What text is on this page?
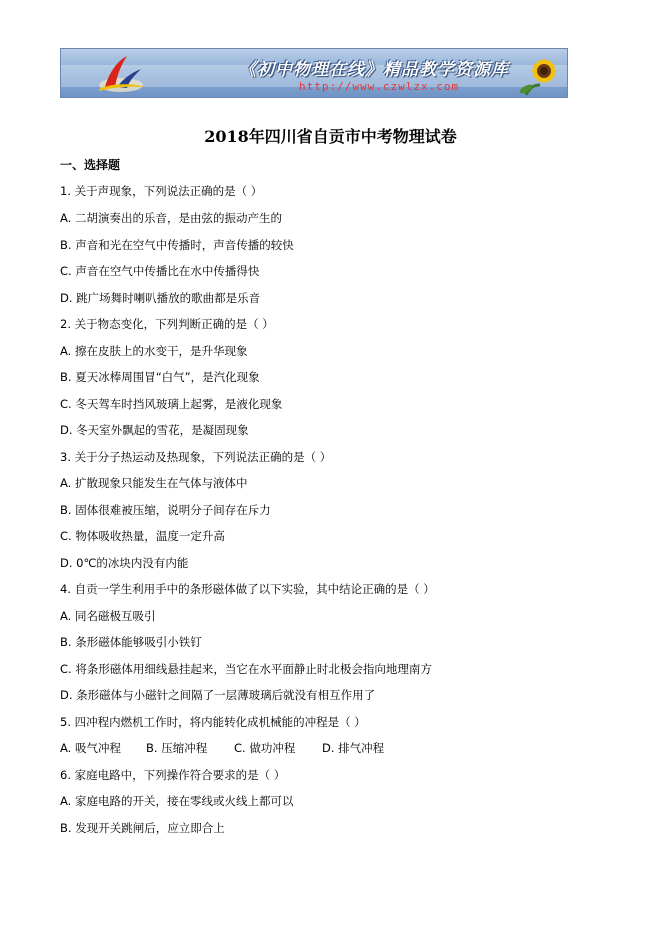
《初中物理在线》精品教学资源库
http://www.czwlzx.com
2018年四川省自贡市中考物理试卷
一、选择题
1. 关于声现象，下列说法正确的是（ ）
A. 二胡演奏出的乐音，是由弦的振动产生的
B. 声音和光在空气中传播时，声音传播的较快
C. 声音在空气中传播比在水中传播得快
D. 跳广场舞时喇叭播放的歌曲都是乐音
2. 关于物态变化，下列判断正确的是（ ）
A. 擦在皮肤上的水变干，是升华现象
B. 夏天冰棒周围冒“白气”，是汽化现象
C. 冬天驾车时挡风玻璃上起雾，是液化现象
D. 冬天室外飘起的雪花，是凝固现象
3. 关于分子热运动及热现象，下列说法正确的是（ ）
A. 扩散现象只能发生在气体与液体中
B. 固体很难被压缩，说明分子间存在斥力
C. 物体吸收热量，温度一定升高
D. 0℃的冰块内没有内能
4. 自贡一学生利用手中的条形磁体做了以下实验，其中结论正确的是（ ）
A. 同名磁极互吸引
B. 条形磁体能够吸引小铁钉
C. 将条形磁体用细线悬挂起来，当它在水平面静止时北极会指向地理南方
D. 条形磁体与小磁针之间隔了一层薄玻璃后就没有相互作用了
5. 四冲程内燃机工作时，将内能转化成机械能的冲程是（ ）
A. 吸气冲程 B. 压缩冲程 C. 做功冲程 D. 排气冲程
6. 家庭电路中，下列操作符合要求的是（ ）
A. 家庭电路的开关，接在零线或火线上都可以
B. 发现开关跳闸后，应立即合上
